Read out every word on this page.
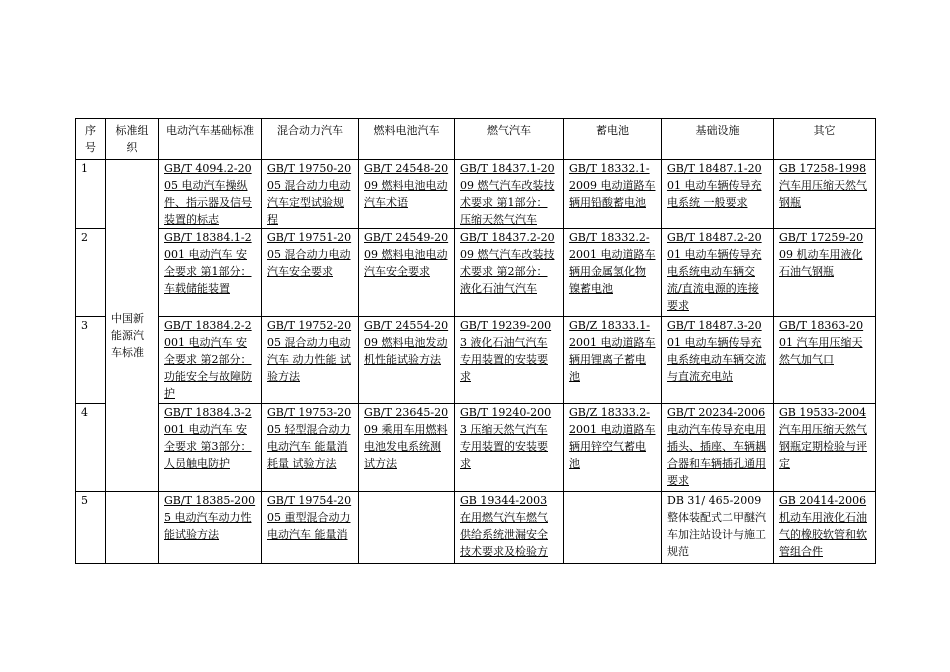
序号	标准组织	电动汽车基础标准	混合动力汽车	燃料电池汽车	燃气汽车	蓄电池	基础设施	其它
1	中国新能源汽车标准	GB/T 4094.2-2005 电动汽车操纵件、指示器及信号装置的标志	GB/T 19750-2005 混合动力电动汽车定型试验规程	GB/T 24548-2009 燃料电池电动汽车术语	GB/T 18437.1-2009 燃气汽车改装技术要求 第1部分：压缩天然气汽车	GB/T 18332.1-2009 电动道路车辆用铅酸蓄电池	GB/T 18487.1-2001 电动车辆传导充电系统 一般要求	GB 17258-1998 汽车用压缩天然气钢瓶

2		GB/T 18384.1-2001 电动汽车 安全要求 第1部分：车载储能装置	GB/T 19751-2005 混合动力电动汽车安全要求	GB/T 24549-2009 燃料电池电动汽车安全要求	GB/T 18437.2-2009 燃气汽车改装技术要求 第2部分：液化石油气汽车	GB/T 18332.2-2001 电动道路车辆用金属氢化物镍蓄电池	GB/T 18487.2-2001 电动车辆传导充电系统电动车辆交流/直流电源的连接要求	GB/T 17259-2009 机动车用液化石油气钢瓶

3		GB/T 18384.2-2001 电动汽车 安全要求 第2部分：功能安全与故障防护	GB/T 19752-2005 混合动力电动汽车 动力性能 试验方法	GB/T 24554-2009 燃料电池发动机性能试验方法	GB/T 19239-2003 液化石油气汽车专用装置的安装要求	GB/Z 18333.1-2001 电动道路车辆用锂离子蓄电池	GB/T 18487.3-2001 电动车辆传导充电系统电动车辆交流与直流充电站	GB/T 18363-2001 汽车用压缩天然气加气口

4		GB/T 18384.3-2001 电动汽车 安全要求 第3部分：人员触电防护	GB/T 19753-2005 轻型混合动力电动汽车 能量消耗量 试验方法	GB/T 23645-2009 乘用车用燃料电池发电系统测试方法	GB/T 19240-2003 压缩天然气汽车专用装置的安装要求	GB/Z 18333.2-2001 电动道路车辆用锌空气蓄电池	GB/T 20234-2006 电动汽车传导充电用插头、插座、车辆耦合器和车辆插孔通用要求	GB 19533-2004 汽车用压缩天然气钢瓶定期检验与评定

5		GB/T 18385-2005 电动汽车动力性能试验方法	GB/T 19754-2005 重型混合动力电动汽车 能量消		GB 19344-2003 在用燃气汽车燃气供给系统泄漏安全技术要求及检验方		DB 31/ 465-2009 整体装配式二甲醚汽车加注站设计与施工规范	GB 20414-2006 机动车用液化石油气的橡胶软管和软管组合件
